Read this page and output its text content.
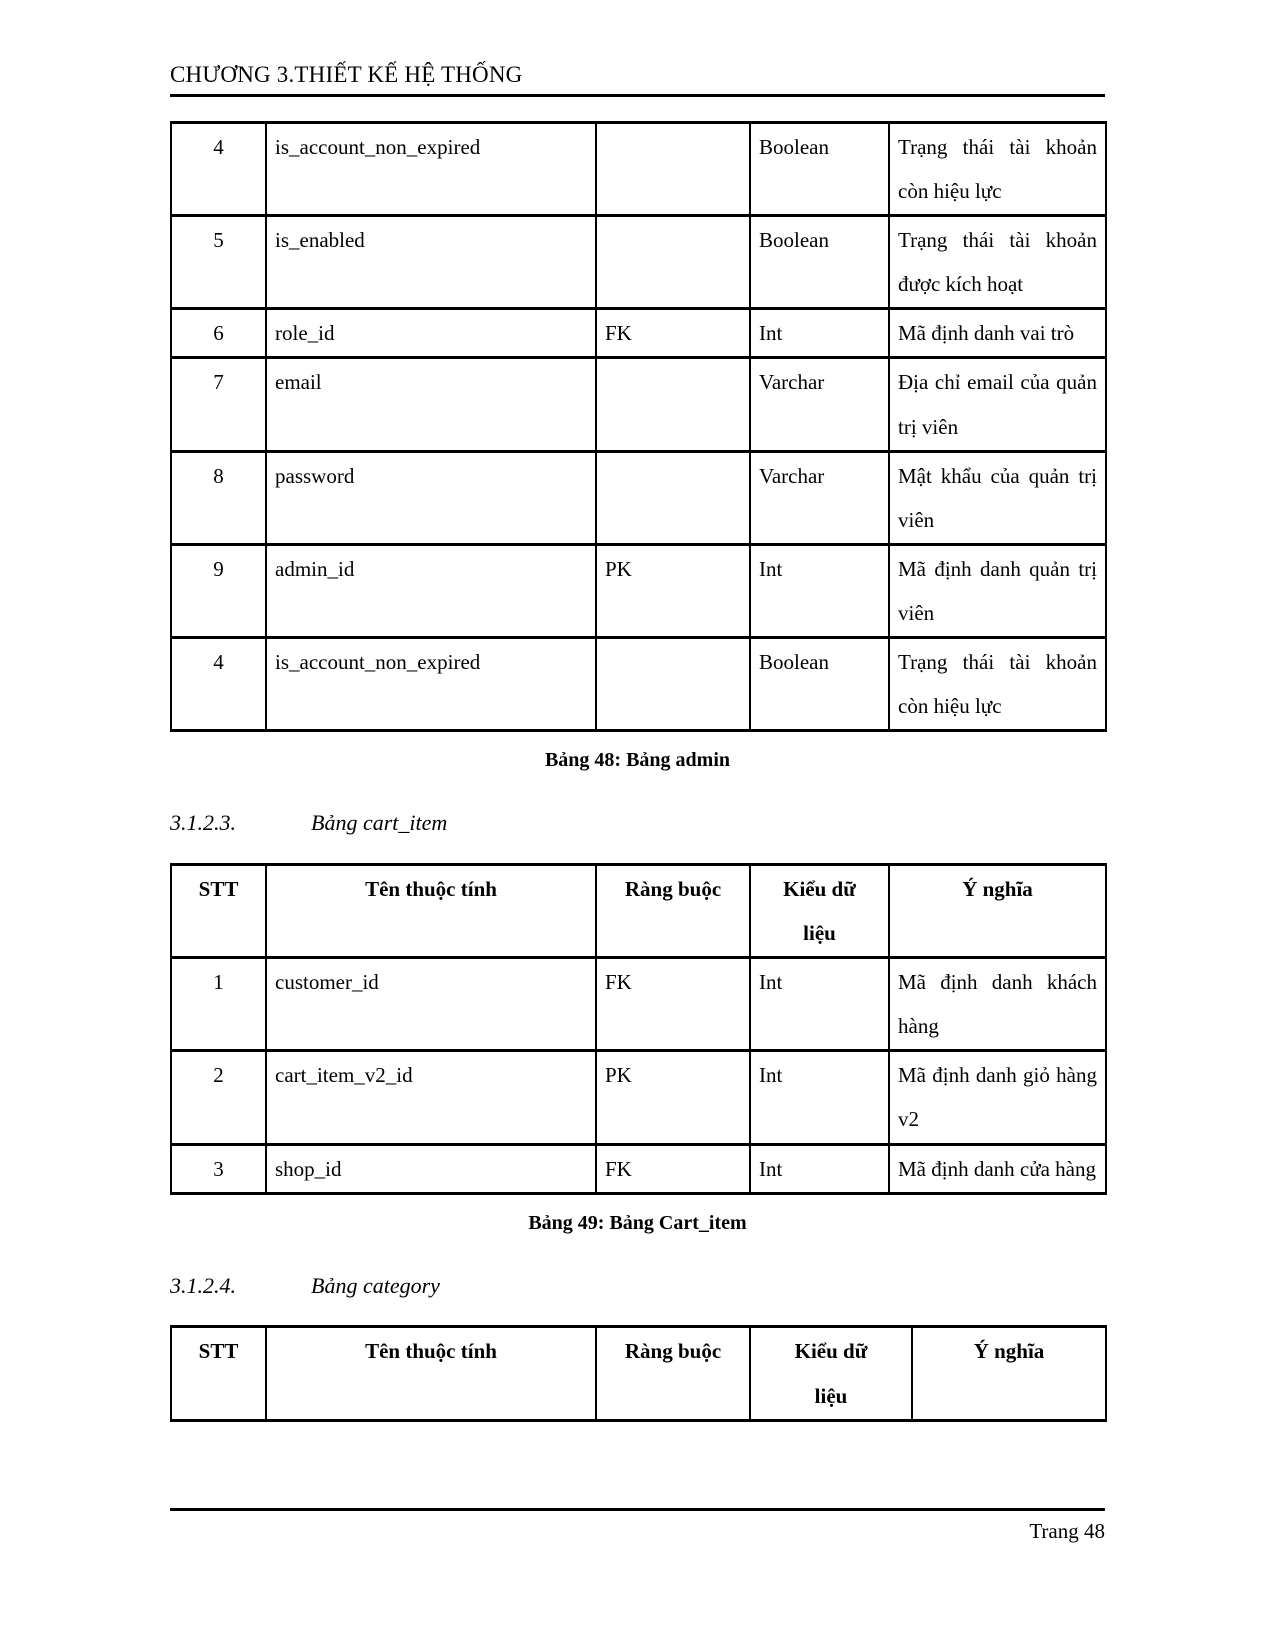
CHƯƠNG 3.THIẾT KẾ HỆ THỐNG
4	is_account_non_expired		Boolean	Trạng thái tài khoản còn hiệu lực
5	is_enabled		Boolean	Trạng thái tài khoản được kích hoạt
6	role_id	FK	Int	Mã định danh vai trò
7	email		Varchar	Địa chỉ email của quản trị viên
8	password		Varchar	Mật khẩu của quản trị viên
9	admin_id	PK	Int	Mã định danh quản trị viên
4	is_account_non_expired		Boolean	Trạng thái tài khoản còn hiệu lực
Bảng 48: Bảng admin
3.1.2.3.	Bảng cart_item
STT	Tên thuộc tính	Ràng buộc	Kiểu dữ liệu	Ý nghĩa
1	customer_id	FK	Int	Mã định danh khách hàng
2	cart_item_v2_id	PK	Int	Mã định danh giỏ hàng v2
3	shop_id	FK	Int	Mã định danh cửa hàng
Bảng 49: Bảng Cart_item
3.1.2.4.	Bảng category
STT	Tên thuộc tính	Ràng buộc	Kiểu dữ liệu	Ý nghĩa
Trang 48
